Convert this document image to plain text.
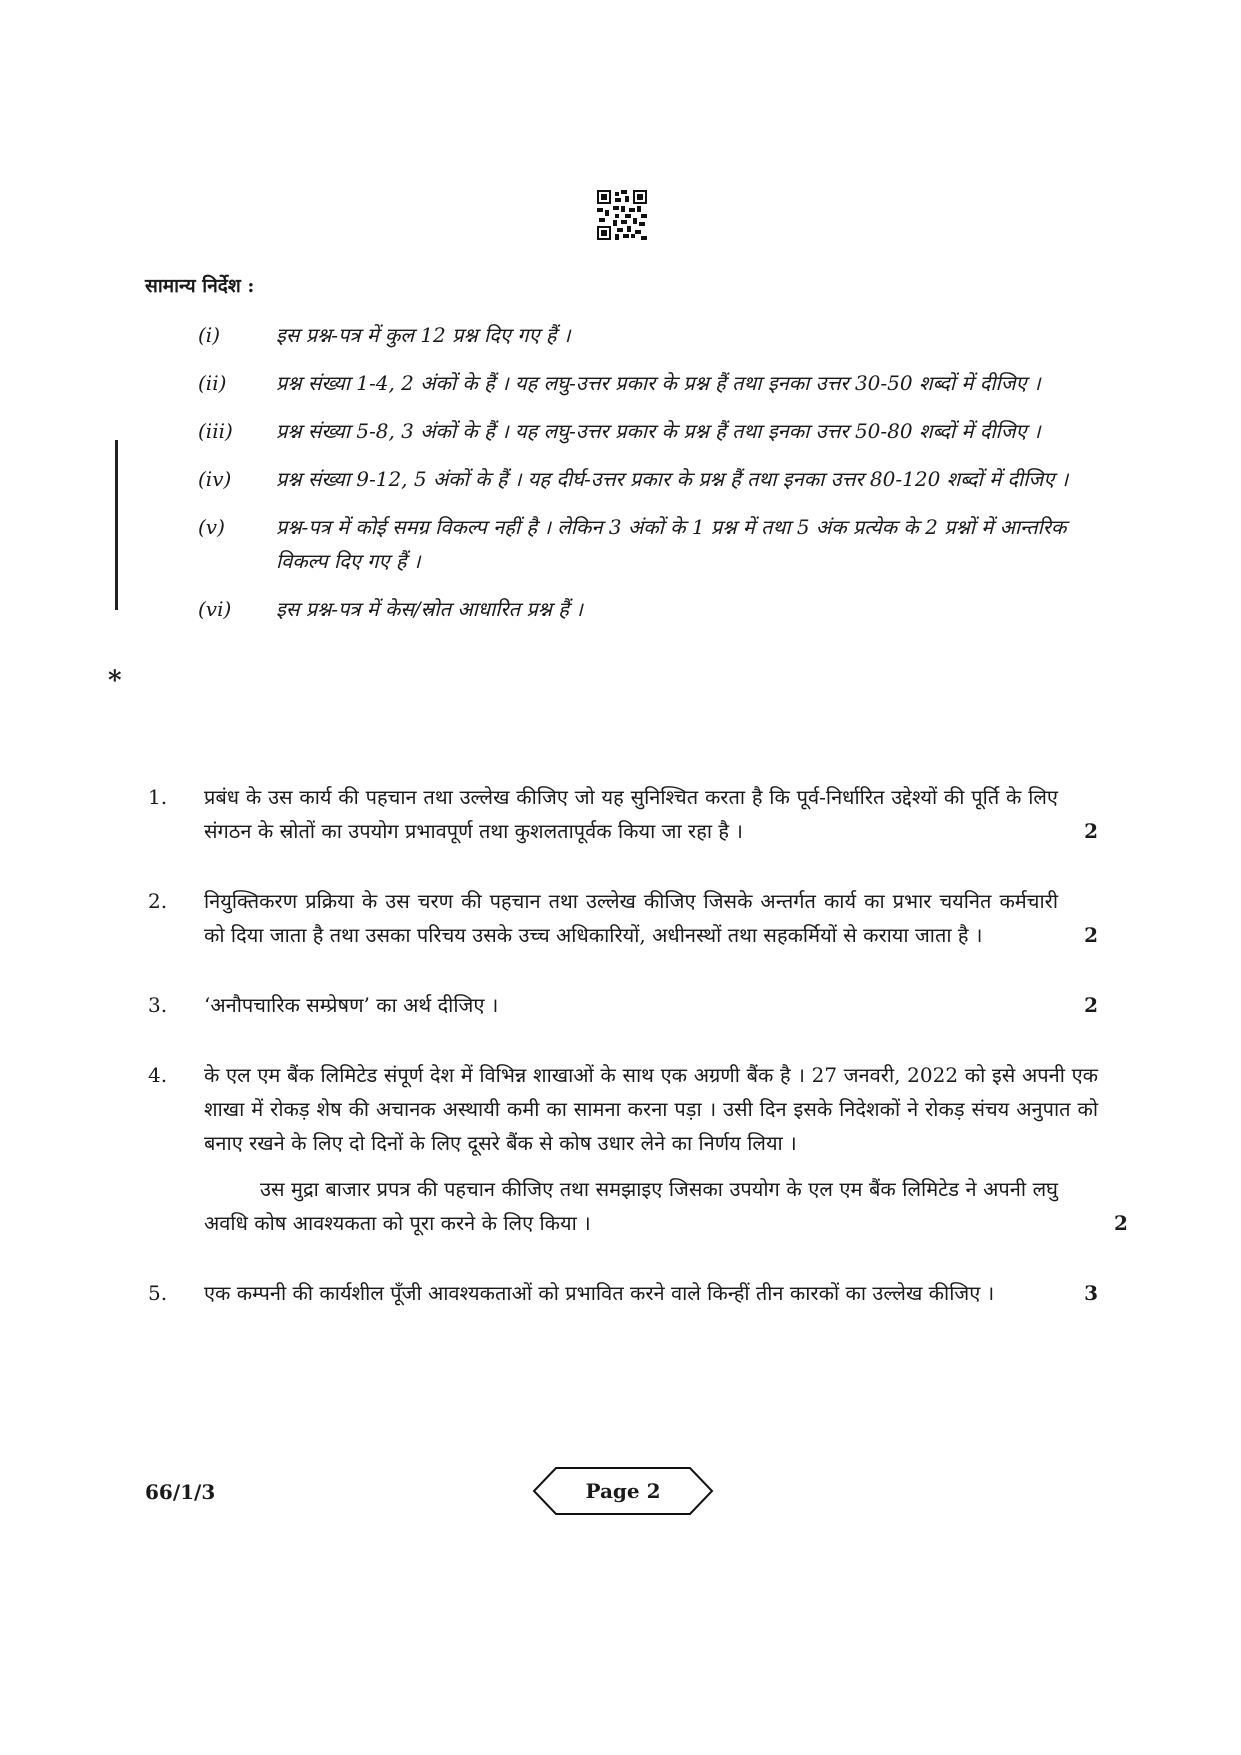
*
सामान्य निर्देश :
(i)	इस प्रश्न-पत्र में कुल 12 प्रश्न दिए गए हैं ।
(ii)	प्रश्न संख्या 1-4, 2 अंकों के हैं । यह लघु-उत्तर प्रकार के प्रश्न हैं तथा इनका उत्तर 30-50 शब्दों में दीजिए ।
(iii)	प्रश्न संख्या 5-8, 3 अंकों के हैं । यह लघु-उत्तर प्रकार के प्रश्न हैं तथा इनका उत्तर 50-80 शब्दों में दीजिए ।
(iv)	प्रश्न संख्या 9-12, 5 अंकों के हैं । यह दीर्घ-उत्तर प्रकार के प्रश्न हैं तथा इनका उत्तर 80-120 शब्दों में दीजिए ।
(v)	प्रश्न-पत्र में कोई समग्र विकल्प नहीं है । लेकिन 3 अंकों के 1 प्रश्न में तथा 5 अंक प्रत्येक के 2 प्रश्नों में आन्तरिक विकल्प दिए गए हैं ।
(vi)	इस प्रश्न-पत्र में केस/स्रोत आधारित प्रश्न हैं ।
1.	प्रबंध के उस कार्य की पहचान तथा उल्लेख कीजिए जो यह सुनिश्चित करता है कि पूर्व-निर्धारित उद्देश्यों की पूर्ति के लिए संगठन के स्रोतों का उपयोग प्रभावपूर्ण तथा कुशलतापूर्वक किया जा रहा है ।	2
2.	नियुक्तिकरण प्रक्रिया के उस चरण की पहचान तथा उल्लेख कीजिए जिसके अन्तर्गत कार्य का प्रभार चयनित कर्मचारी को दिया जाता है तथा उसका परिचय उसके उच्च अधिकारियों, अधीनस्थों तथा सहकर्मियों से कराया जाता है ।	2
3.	‘अनौपचारिक सम्प्रेषण’ का अर्थ दीजिए ।	2
4.	के एल एम बैंक लिमिटेड संपूर्ण देश में विभिन्न शाखाओं के साथ एक अग्रणी बैंक है । 27 जनवरी, 2022 को इसे अपनी एक शाखा में रोकड़ शेष की अचानक अस्थायी कमी का सामना करना पड़ा । उसी दिन इसके निदेशकों ने रोकड़ संचय अनुपात को बनाए रखने के लिए दो दिनों के लिए दूसरे बैंक से कोष उधार लेने का निर्णय लिया ।
उस मुद्रा बाजार प्रपत्र की पहचान कीजिए तथा समझाइए जिसका उपयोग के एल एम बैंक लिमिटेड ने अपनी लघु अवधि कोष आवश्यकता को पूरा करने के लिए किया ।	2
5.	एक कम्पनी की कार्यशील पूँजी आवश्यकताओं को प्रभावित करने वाले किन्हीं तीन कारकों का उल्लेख कीजिए ।	3
66/1/3	Page 2
